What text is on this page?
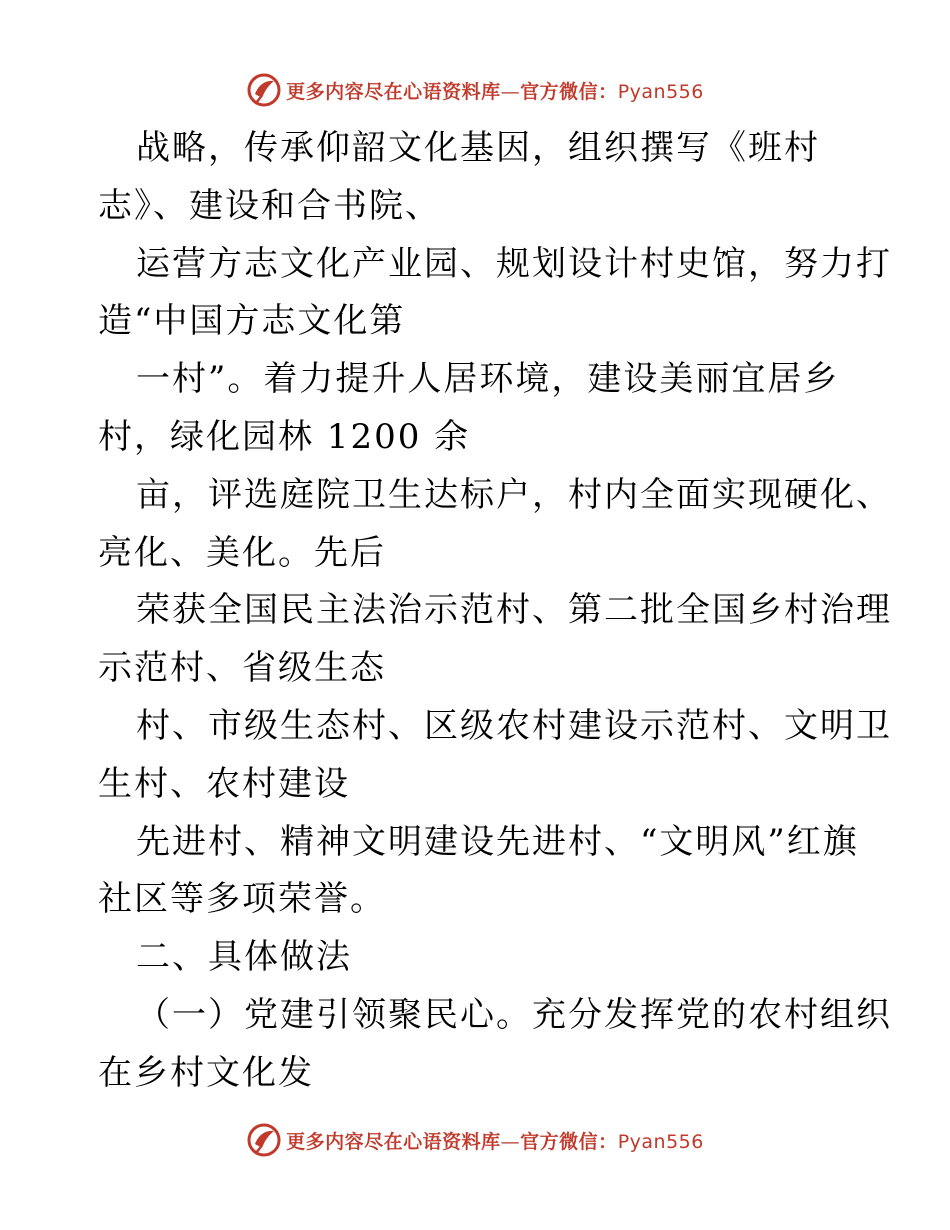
更多内容尽在心语资料库—官方微信：Pyan556
战略，传承仰韶文化基因，组织撰写《班村
志》、建设和合书院、
运营方志文化产业园、规划设计村史馆，努力打
造“中国方志文化第
一村”。着力提升人居环境，建设美丽宜居乡
村，绿化园林 1200 余
亩，评选庭院卫生达标户，村内全面实现硬化、
亮化、美化。先后
荣获全国民主法治示范村、第二批全国乡村治理
示范村、省级生态
村、市级生态村、区级农村建设示范村、文明卫
生村、农村建设
先进村、精神文明建设先进村、“文明风”红旗
社区等多项荣誉。
二、具体做法
（一）党建引领聚民心。充分发挥党的农村组织
在乡村文化发
更多内容尽在心语资料库—官方微信：Pyan556
